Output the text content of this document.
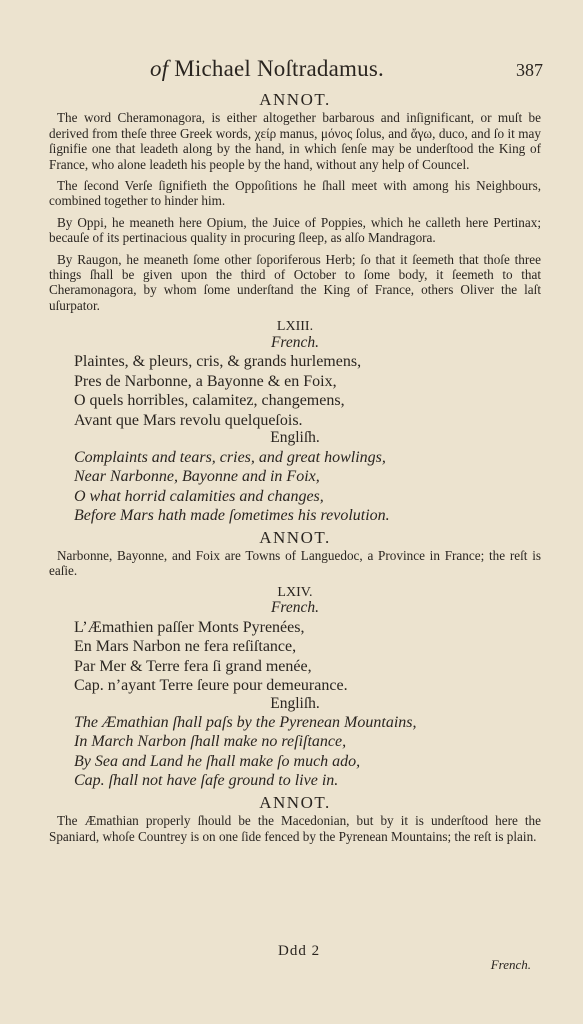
of Michael Noſtradamus.	387
ANNOT.

The word Cheramonagora, is either altogether barbarous and inſignificant, or muſt be derived from theſe three Greek words, χείρ manus, μόνος ſolus, and ἄγω, duco, and ſo it may ſignifie one that leadeth along by the hand, in which ſenſe may be underſtood the King of France, who alone leadeth his people by the hand, without any help of Councel.

The ſecond Verſe ſignifieth the Oppoſitions he ſhall meet with among his Neighbours, combined together to hinder him.

By Oppi, he meaneth here Opium, the Juice of Poppies, which he calleth here Pertinax; becauſe of its pertinacious quality in procuring ſleep, as alſo Mandragora.

By Raugon, he meaneth ſome other ſoporiferous Herb; ſo that it ſeemeth that thoſe three things ſhall be given upon the third of October to ſome body, it ſeemeth to that Cheramonagora, by whom ſome underſtand the King of France, others Oliver the laſt uſurpator.

LXIII.
French.
Plaintes, & pleurs, cris, & grands hurlemens,
Pres de Narbonne, a Bayonne & en Foix,
O quels horribles, calamitez, changemens,
Avant que Mars revolu quelqueſois.
Engliſh.
Complaints and tears, cries, and great howlings,
Near Narbonne, Bayonne and in Foix,
O what horrid calamities and changes,
Before Mars hath made ſometimes his revolution.
ANNOT.

Narbonne, Bayonne, and Foix are Towns of Languedoc, a Province in France; the reſt is eaſie.

LXIV.
French.
L’Æmathien paſſer Monts Pyrenées,
En Mars Narbon ne fera reſiſtance,
Par Mer & Terre fera ſi grand menée,
Cap. n’ayant Terre ſeure pour demeurance.
Engliſh.
The Æmathian ſhall paſs by the Pyrenean Mountains,
In March Narbon ſhall make no reſiſtance,
By Sea and Land he ſhall make ſo much ado,
Cap. ſhall not have ſafe ground to live in.
ANNOT.

The Æmathian properly ſhould be the Macedonian, but by it is underſtood here the Spaniard, whoſe Countrey is on one ſide fenced by the Pyrenean Mountains; the reſt is plain.

Ddd 2
French.
